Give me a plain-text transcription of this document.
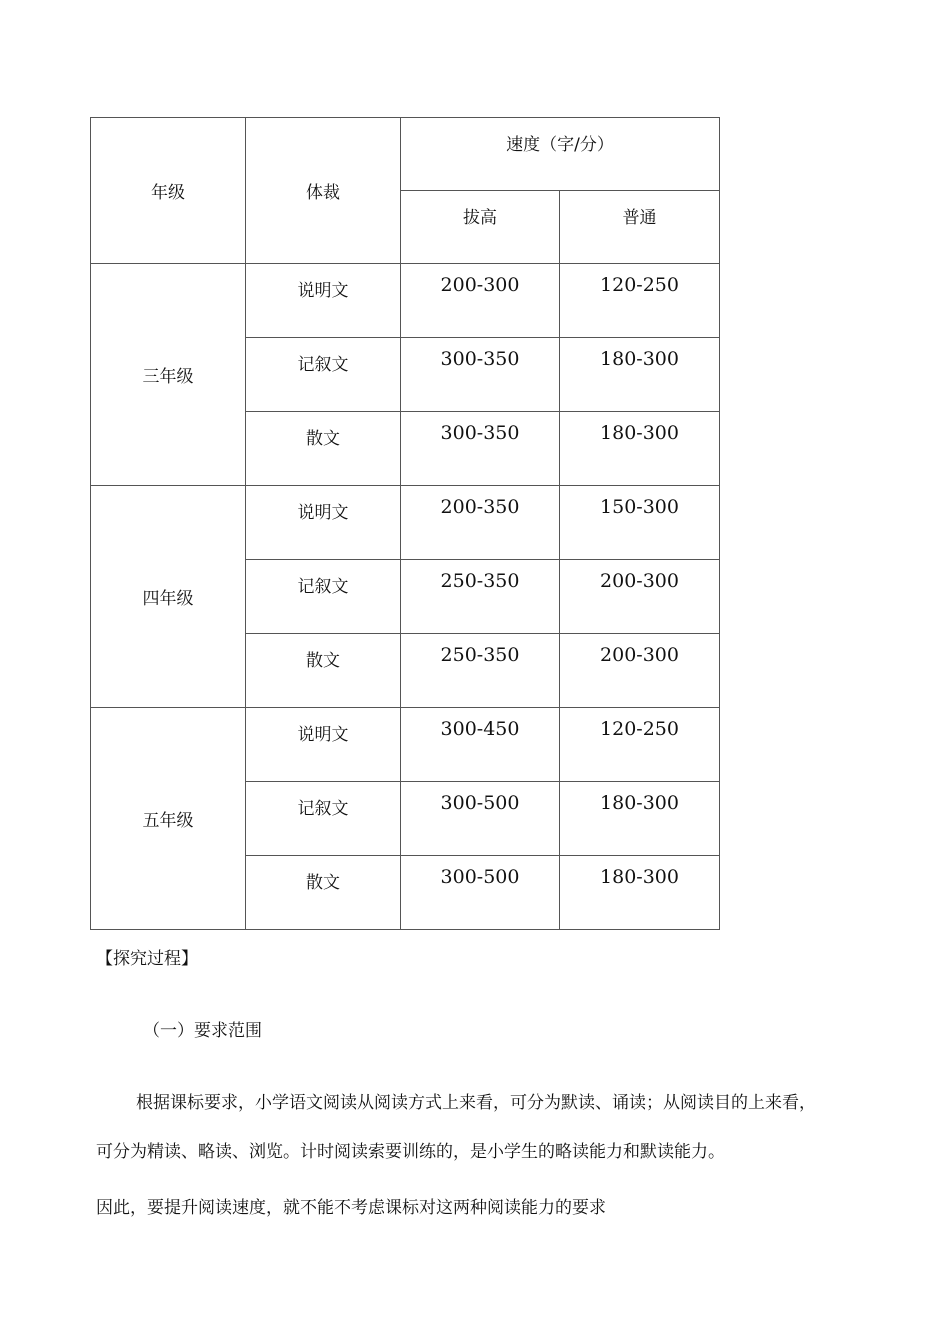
年级	体裁	速度（字/分）	
		拔高	普通
三年级	说明文	200-300	120-250
	记叙文	300-350	180-300
	散文	300-350	180-300
四年级	说明文	200-350	150-300
	记叙文	250-350	200-300
	散文	250-350	200-300
五年级	说明文	300-450	120-250
	记叙文	300-500	180-300
	散文	300-500	180-300
【探究过程】
（一）要求范围
根据课标要求，小学语文阅读从阅读方式上来看，可分为默读、诵读；从阅读目的上来看，
可分为精读、略读、浏览。计时阅读索要训练的，是小学生的略读能力和默读能力。
因此，要提升阅读速度，就不能不考虑课标对这两种阅读能力的要求
